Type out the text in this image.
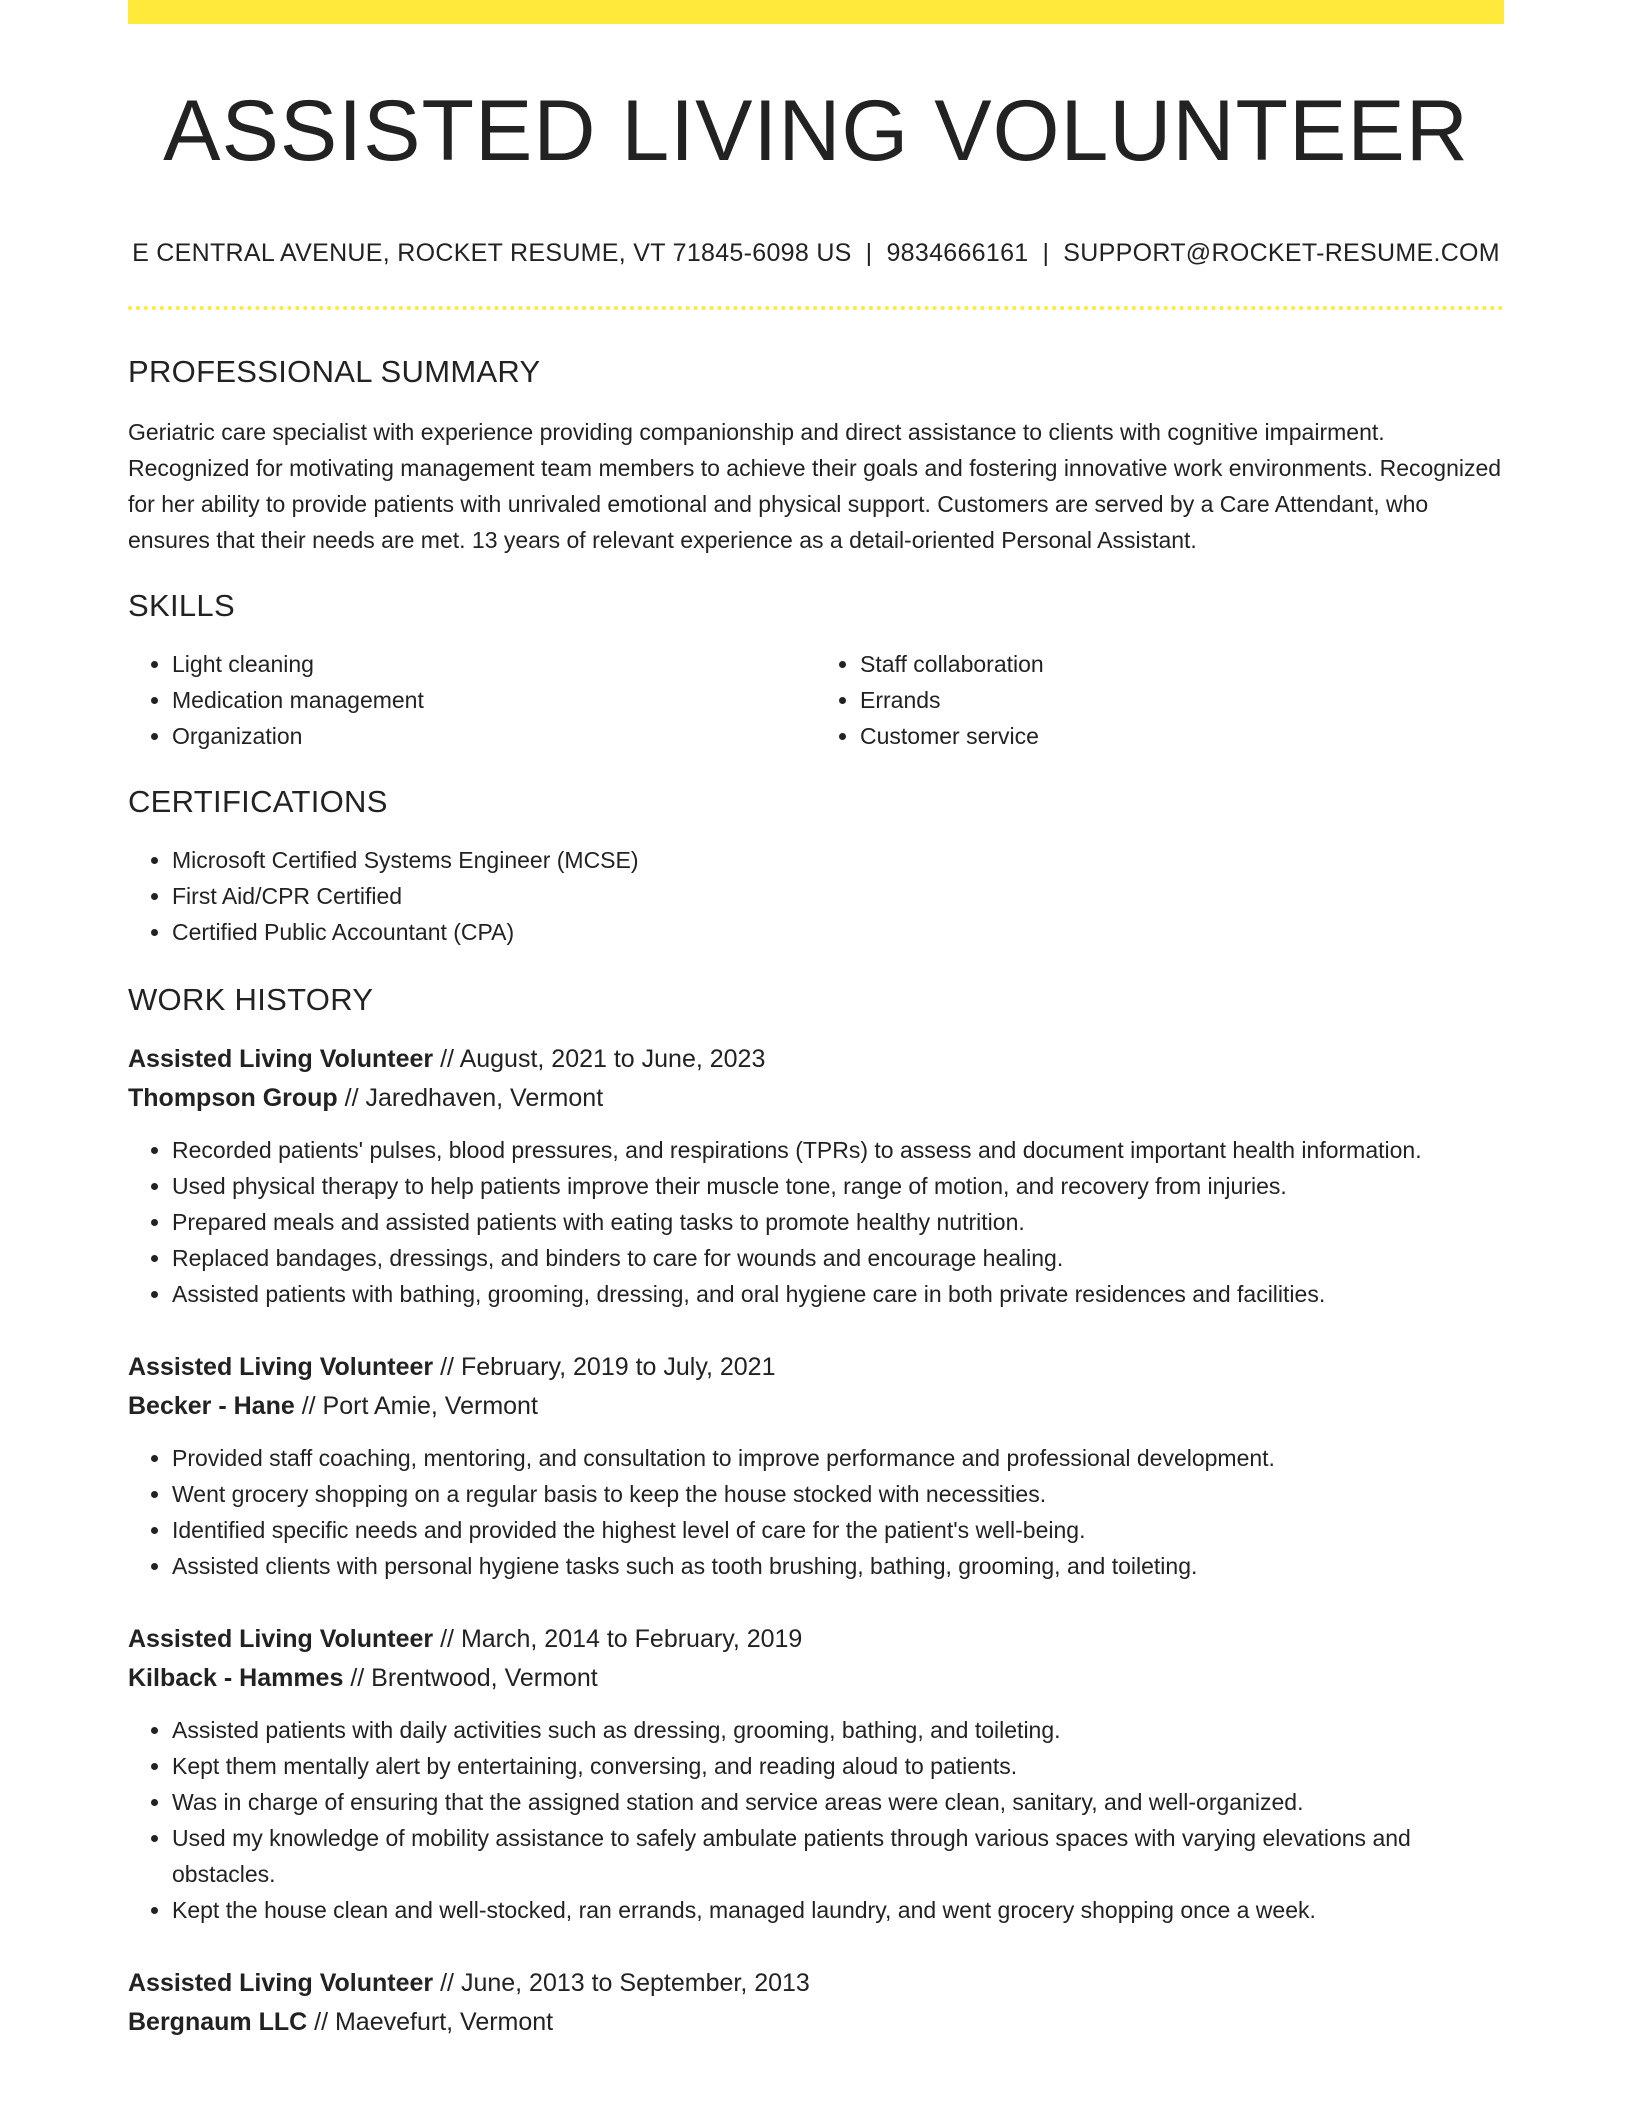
ASSISTED LIVING VOLUNTEER
E CENTRAL AVENUE, ROCKET RESUME, VT 71845-6098 US | 9834666161 | SUPPORT@ROCKET-RESUME.COM
PROFESSIONAL SUMMARY
Geriatric care specialist with experience providing companionship and direct assistance to clients with cognitive impairment. Recognized for motivating management team members to achieve their goals and fostering innovative work environments. Recognized for her ability to provide patients with unrivaled emotional and physical support. Customers are served by a Care Attendant, who ensures that their needs are met. 13 years of relevant experience as a detail-oriented Personal Assistant.
SKILLS
• Light cleaning
• Medication management
• Organization
• Staff collaboration
• Errands
• Customer service
CERTIFICATIONS
• Microsoft Certified Systems Engineer (MCSE)
• First Aid/CPR Certified
• Certified Public Accountant (CPA)
WORK HISTORY
Assisted Living Volunteer // August, 2021 to June, 2023
Thompson Group // Jaredhaven, Vermont
• Recorded patients' pulses, blood pressures, and respirations (TPRs) to assess and document important health information.
• Used physical therapy to help patients improve their muscle tone, range of motion, and recovery from injuries.
• Prepared meals and assisted patients with eating tasks to promote healthy nutrition.
• Replaced bandages, dressings, and binders to care for wounds and encourage healing.
• Assisted patients with bathing, grooming, dressing, and oral hygiene care in both private residences and facilities.
Assisted Living Volunteer // February, 2019 to July, 2021
Becker - Hane // Port Amie, Vermont
• Provided staff coaching, mentoring, and consultation to improve performance and professional development.
• Went grocery shopping on a regular basis to keep the house stocked with necessities.
• Identified specific needs and provided the highest level of care for the patient's well-being.
• Assisted clients with personal hygiene tasks such as tooth brushing, bathing, grooming, and toileting.
Assisted Living Volunteer // March, 2014 to February, 2019
Kilback - Hammes // Brentwood, Vermont
• Assisted patients with daily activities such as dressing, grooming, bathing, and toileting.
• Kept them mentally alert by entertaining, conversing, and reading aloud to patients.
• Was in charge of ensuring that the assigned station and service areas were clean, sanitary, and well-organized.
• Used my knowledge of mobility assistance to safely ambulate patients through various spaces with varying elevations and obstacles.
• Kept the house clean and well-stocked, ran errands, managed laundry, and went grocery shopping once a week.
Assisted Living Volunteer // June, 2013 to September, 2013
Bergnaum LLC // Maevefurt, Vermont
